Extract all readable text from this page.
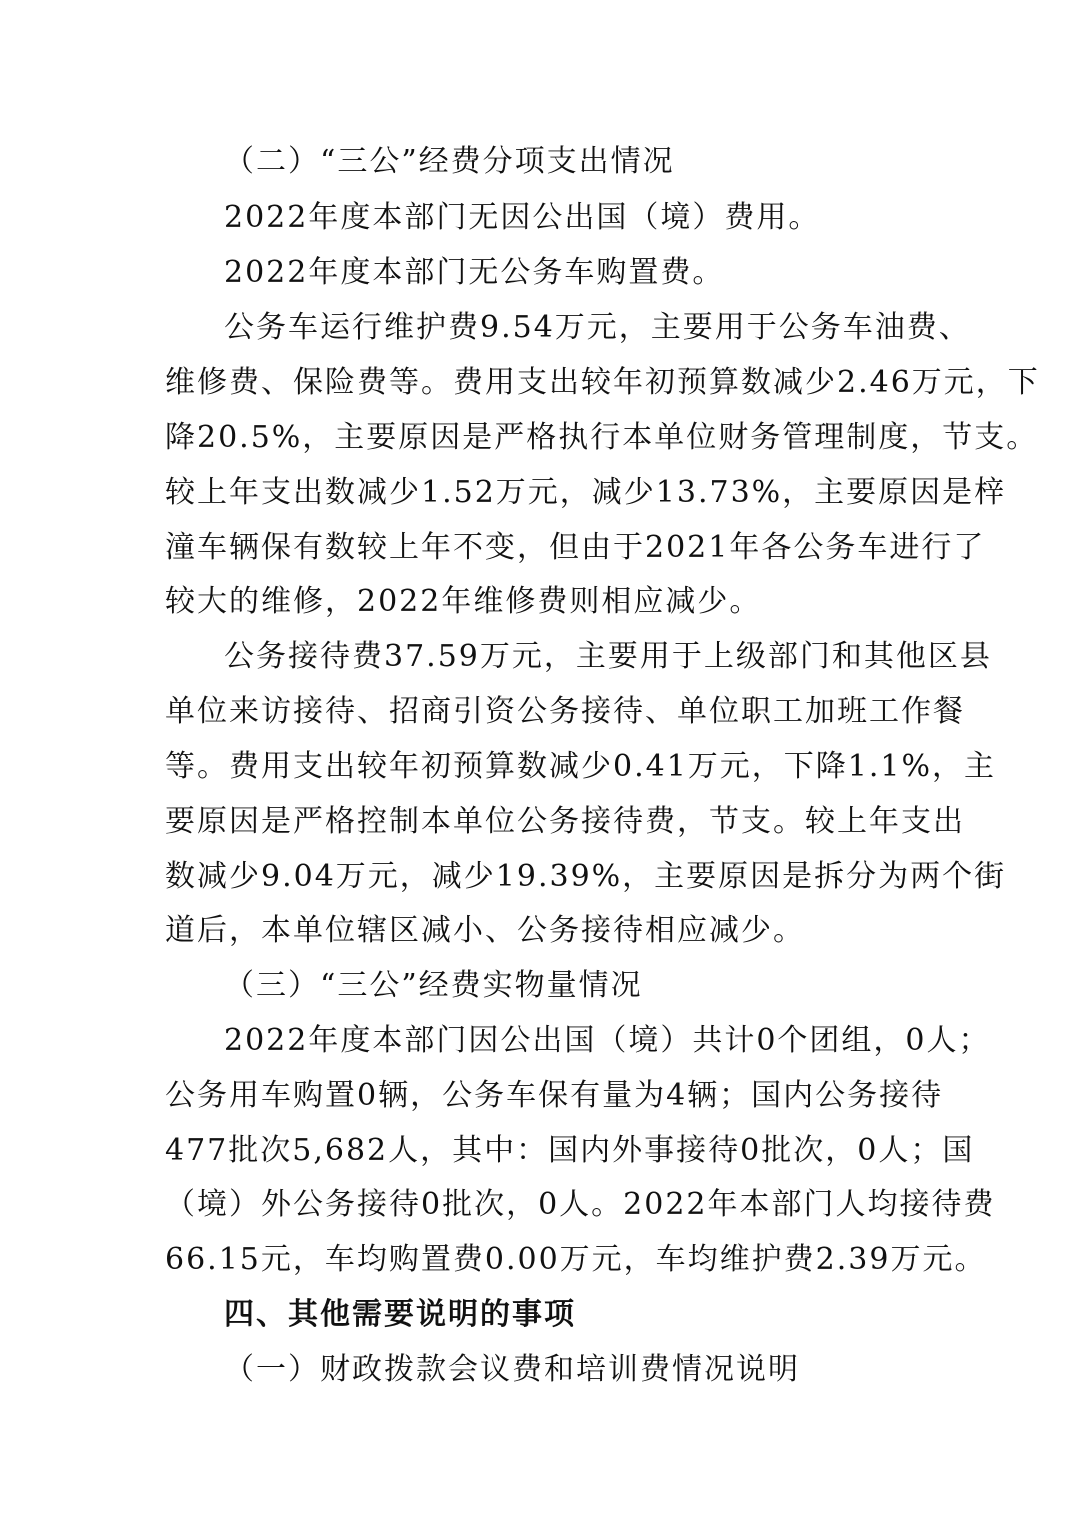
（二）“三公”经费分项支出情况
2022年度本部门无因公出国（境）费用。
2022年度本部门无公务车购置费。
公务车运行维护费9.54万元，主要用于公务车油费、
维修费、保险费等。费用支出较年初预算数减少2.46万元，下
降20.5%，主要原因是严格执行本单位财务管理制度，节支。
较上年支出数减少1.52万元，减少13.73%，主要原因是梓
潼车辆保有数较上年不变，但由于2021年各公务车进行了
较大的维修，2022年维修费则相应减少。
公务接待费37.59万元，主要用于上级部门和其他区县
单位来访接待、招商引资公务接待、单位职工加班工作餐
等。费用支出较年初预算数减少0.41万元，下降1.1%，主
要原因是严格控制本单位公务接待费，节支。较上年支出
数减少9.04万元，减少19.39%，主要原因是拆分为两个街
道后，本单位辖区减小、公务接待相应减少。
（三）“三公”经费实物量情况
2022年度本部门因公出国（境）共计0个团组，0人；
公务用车购置0辆，公务车保有量为4辆；国内公务接待
477批次5,682人，其中：国内外事接待0批次，0人；国
（境）外公务接待0批次，0人。2022年本部门人均接待费
66.15元，车均购置费0.00万元，车均维护费2.39万元。
四、其他需要说明的事项
（一）财政拨款会议费和培训费情况说明
